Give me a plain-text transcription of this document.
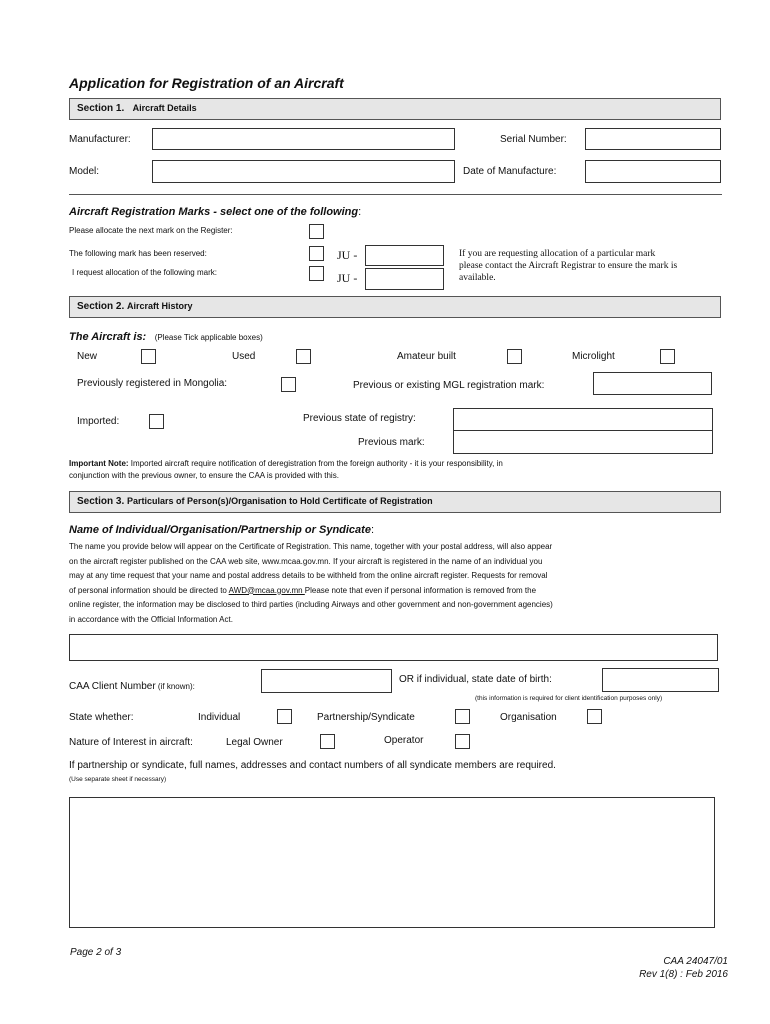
Application for Registration of an Aircraft
Section 1. Aircraft Details
Manufacturer:	Serial Number:
Model:	Date of Manufacture:
Aircraft Registration Marks - select one of the following:
Please allocate the next mark on the Register:
The following mark has been reserved:	JU -
I request allocation of the following mark:	JU -
If you are requesting allocation of a particular mark
please contact the Aircraft Registrar to ensure the mark is
available.
Section 2. Aircraft History
The Aircraft is: (Please Tick applicable boxes)
New	Used	Amateur built	Microlight
Previously registered in Mongolia:	Previous or existing MGL registration mark:
Imported:	Previous state of registry:
Previous mark:
Important Note: Imported aircraft require notification of deregistration from the foreign authority - it is your responsibility, in
conjunction with the previous owner, to ensure the CAA is provided with this.
Section 3. Particulars of Person(s)/Organisation to Hold Certificate of Registration
Name of Individual/Organisation/Partnership or Syndicate:
The name you provide below will appear on the Certificate of Registration. This name, together with your postal address, will also appear
on the aircraft register published on the CAA web site, www.mcaa.gov.mn. If your aircraft is registered in the name of an individual you
may at any time request that your name and postal address details to be withheld from the online aircraft register. Requests for removal
of personal information should be directed to AWD@mcaa.gov.mn Please note that even if personal information is removed from the
online register, the information may be disclosed to third parties (including Airways and other government and non-government agencies)
in accordance with the Official Information Act.
CAA Client Number (if known):
OR if individual, state date of birth:
(this information is required for client identification purposes only)
State whether:	Individual	Partnership/Syndicate	Organisation
Nature of Interest in aircraft:	Legal Owner	Operator
If partnership or syndicate, full names, addresses and contact numbers of all syndicate members are required.
(Use separate sheet if necessary)
Page 2 of 3
CAA 24047/01
Rev 1(8) : Feb 2016
